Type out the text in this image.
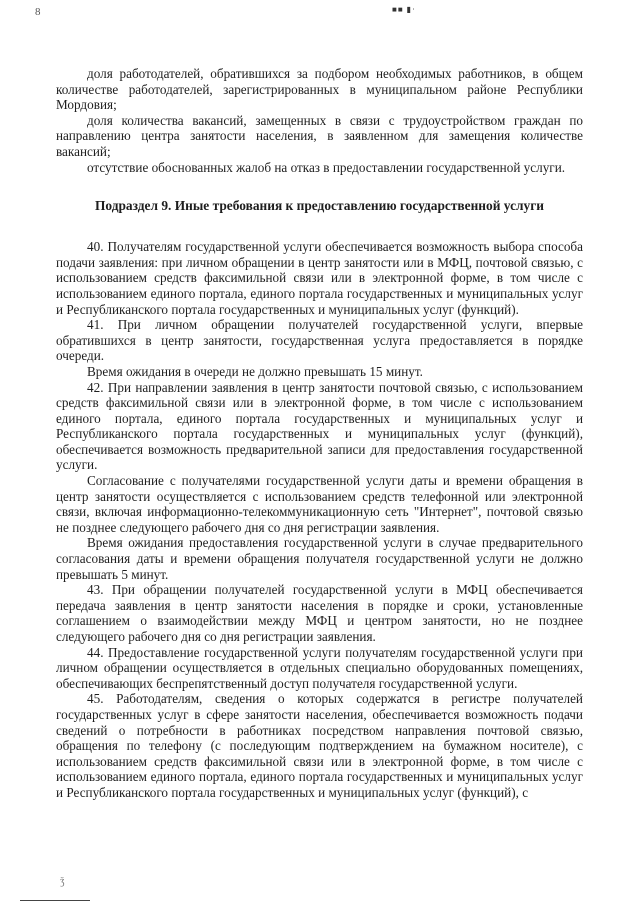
8	■■ ▮·

доля работодателей, обратившихся за подбором необходимых работников, в общем количестве работодателей, зарегистрированных в муниципальном районе Республики Мордовия;

доля количества вакансий, замещенных в связи с трудоустройством граждан по направлению центра занятости населения, в заявленном для замещения количестве вакансий;

отсутствие обоснованных жалоб на отказ в предоставлении государственной услуги.

Подраздел 9. Иные требования к предоставлению государственной услуги

40. Получателям государственной услуги обеспечивается возможность выбора способа подачи заявления: при личном обращении в центр занятости или в МФЦ, почтовой связью, с использованием средств факсимильной связи или в электронной форме, в том числе с использованием единого портала, единого портала государственных и муниципальных услуг и Республиканского портала государственных и муниципальных услуг (функций).

41. При личном обращении получателей государственной услуги, впервые обратившихся в центр занятости, государственная услуга предоставляется в порядке очереди.

Время ожидания в очереди не должно превышать 15 минут.

42. При направлении заявления в центр занятости почтовой связью, с использованием средств факсимильной связи или в электронной форме, в том числе с использованием единого портала, единого портала государственных и муниципальных услуг и Республиканского портала государственных и муниципальных услуг (функций), обеспечивается возможность предварительной записи для предоставления государственной услуги.

Согласование с получателями государственной услуги даты и времени обращения в центр занятости осуществляется с использованием средств телефонной или электронной связи, включая информационно-телекоммуникационную сеть "Интернет", почтовой связью не позднее следующего рабочего дня со дня регистрации заявления.

Время ожидания предоставления государственной услуги в случае предварительного согласования даты и времени обращения получателя государственной услуги не должно превышать 5 минут.

43. При обращении получателей государственной услуги в МФЦ обеспечивается передача заявления в центр занятости населения в порядке и сроки, установленные соглашением о взаимодействии между МФЦ и центром занятости, но не позднее следующего рабочего дня со дня регистрации заявления.

44. Предоставление государственной услуги получателям государственной услуги при личном обращении осуществляется в отдельных специально оборудованных помещениях, обеспечивающих беспрепятственный доступ получателя государственной услуги.

45. Работодателям, сведения о которых содержатся в регистре получателей государственных услуг в сфере занятости населения, обеспечивается возможность подачи сведений о потребности в работниках посредством направления почтовой связью, обращения по телефону (с последующим подтверждением на бумажном носителе), с использованием средств факсимильной связи или в электронной форме, в том числе с использованием единого портала, единого портала государственных и муниципальных услуг и Республиканского портала государственных и муниципальных услуг (функций), с

ǯ
